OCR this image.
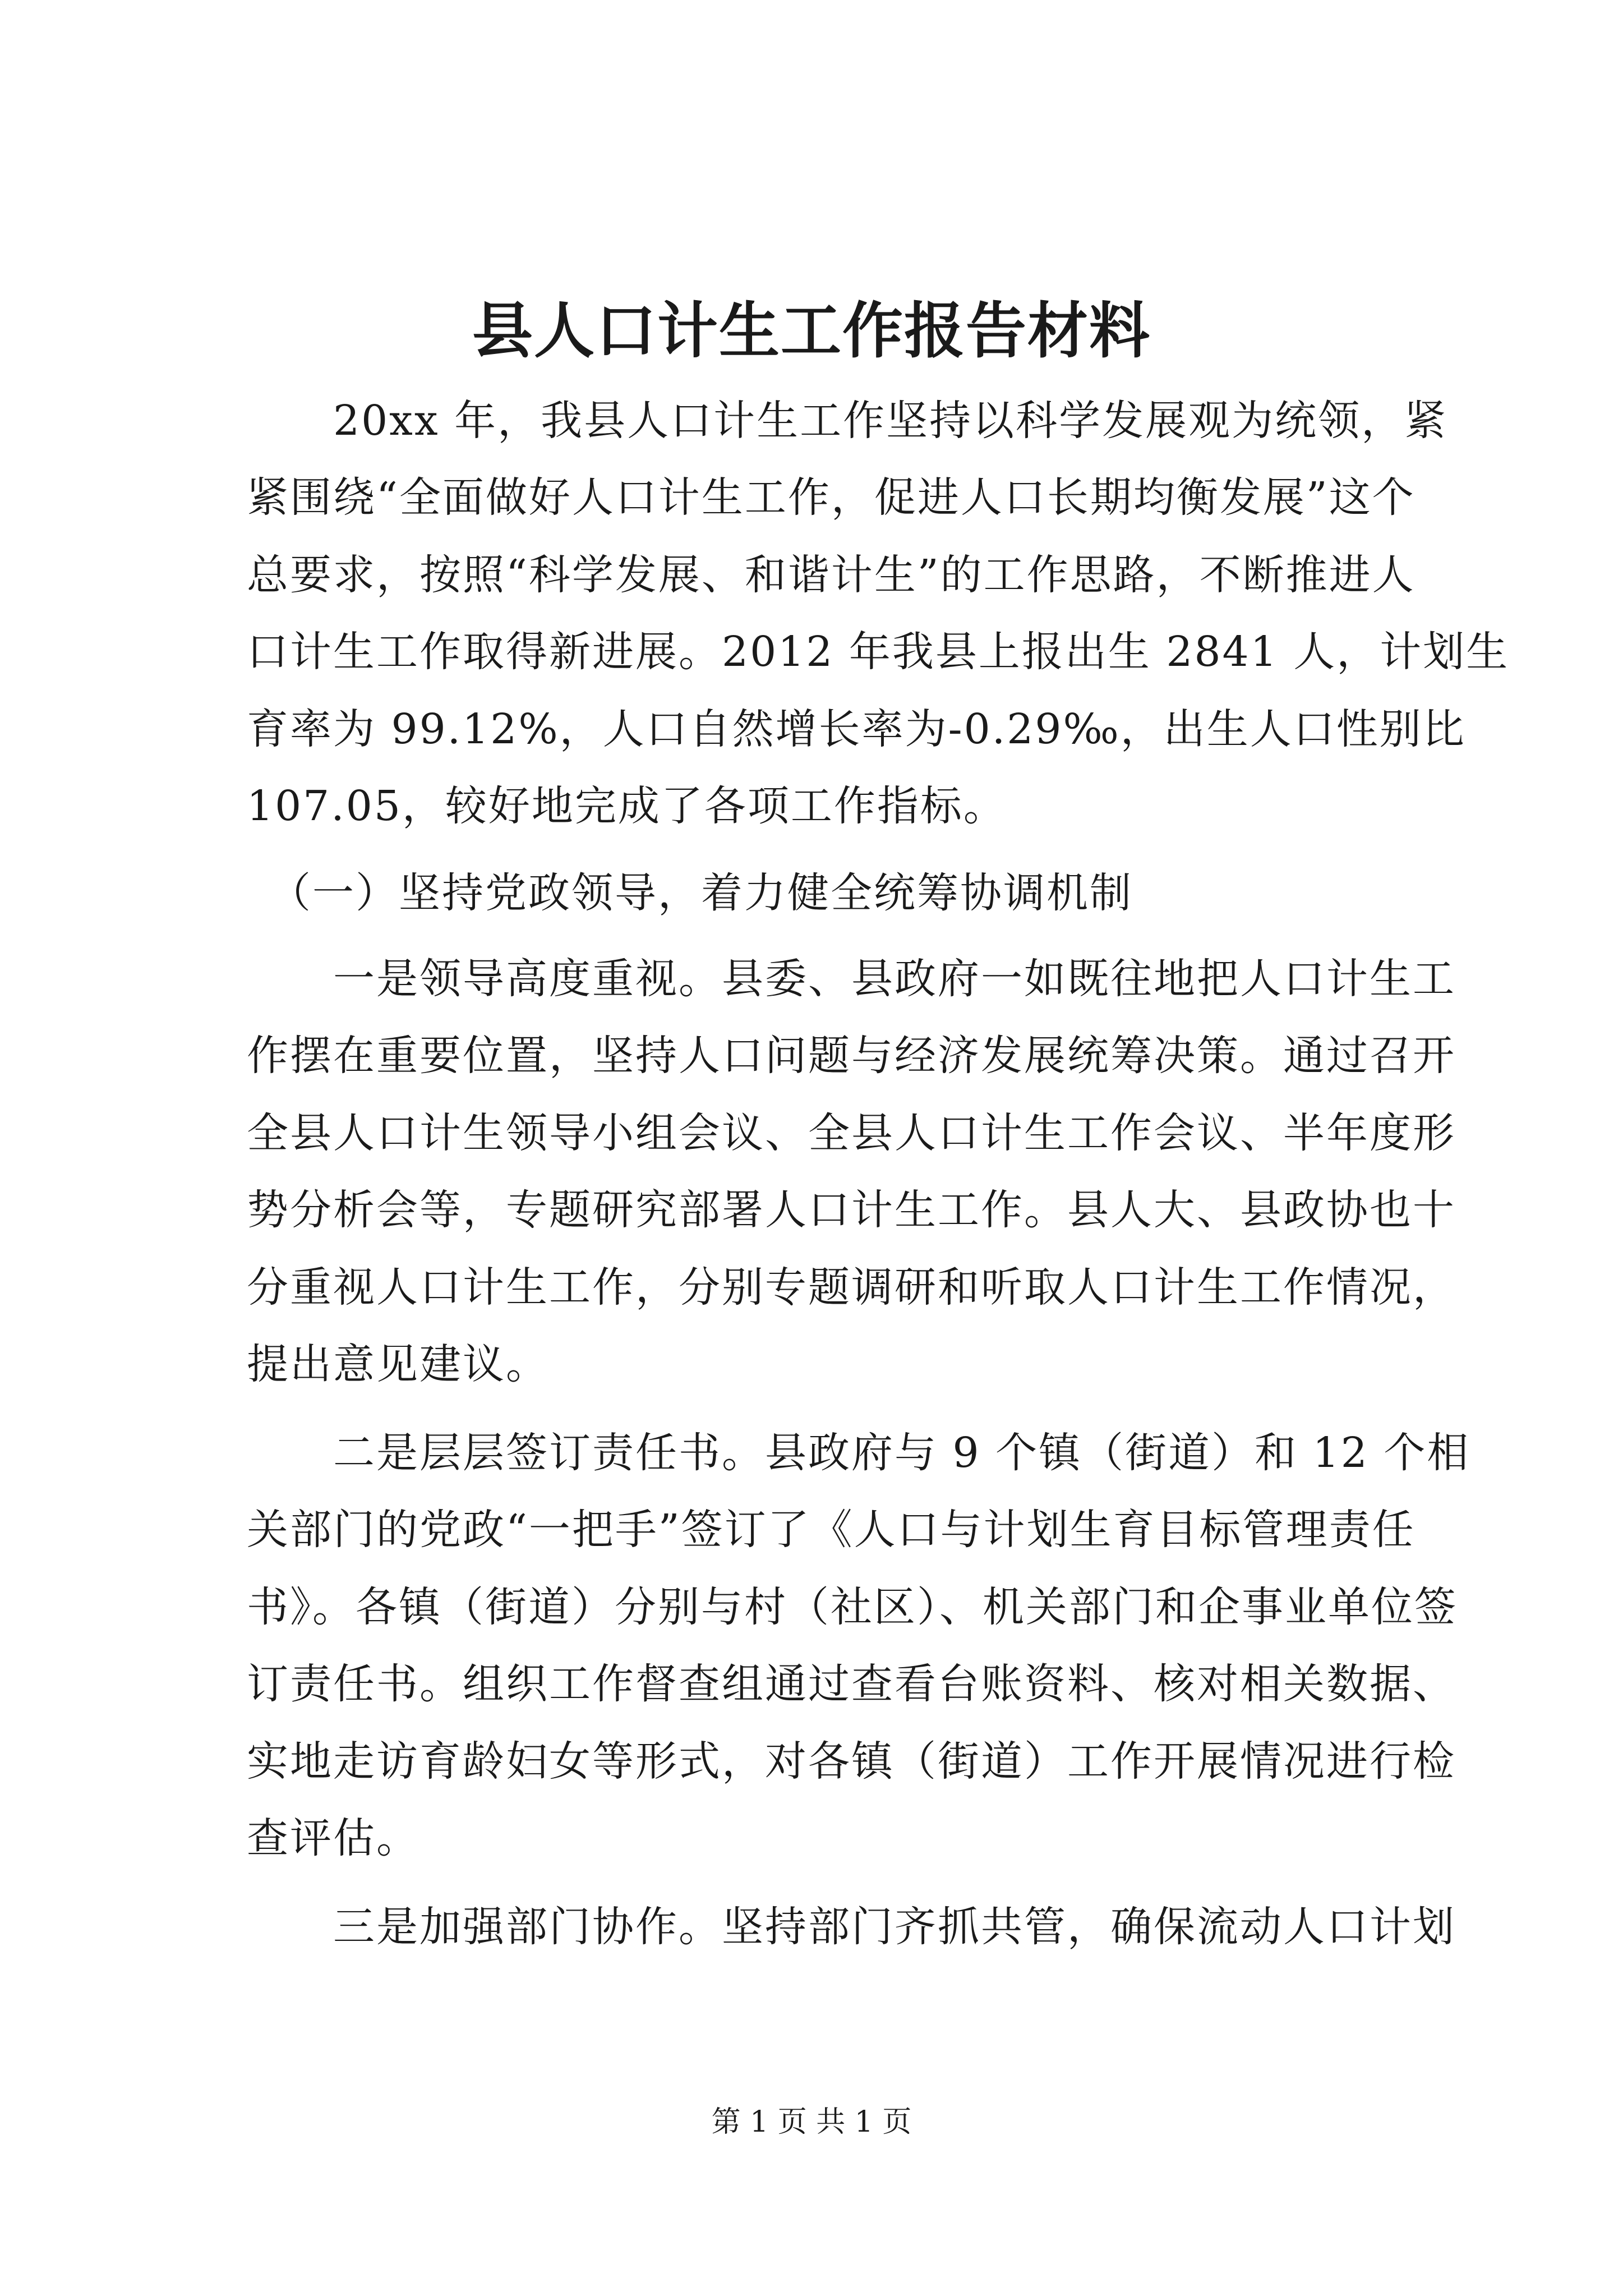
县人口计生工作报告材料
　　20xx 年，我县人口计生工作坚持以科学发展观为统领，紧
紧围绕“全面做好人口计生工作，促进人口长期均衡发展”这个
总要求，按照“科学发展、和谐计生”的工作思路，不断推进人
口计生工作取得新进展。2012 年我县上报出生 2841 人，计划生
育率为 99.12%，人口自然增长率为-0.29‰，出生人口性别比
107.05，较好地完成了各项工作指标。
　（一）坚持党政领导，着力健全统筹协调机制
　　一是领导高度重视。县委、县政府一如既往地把人口计生工
作摆在重要位置，坚持人口问题与经济发展统筹决策。通过召开
全县人口计生领导小组会议、全县人口计生工作会议、半年度形
势分析会等，专题研究部署人口计生工作。县人大、县政协也十
分重视人口计生工作，分别专题调研和听取人口计生工作情况，
提出意见建议。
　　二是层层签订责任书。县政府与 9 个镇（街道）和 12 个相
关部门的党政“一把手”签订了《人口与计划生育目标管理责任
书》。各镇（街道）分别与村（社区）、机关部门和企事业单位签
订责任书。组织工作督查组通过查看台账资料、核对相关数据、
实地走访育龄妇女等形式，对各镇（街道）工作开展情况进行检
查评估。
　　三是加强部门协作。坚持部门齐抓共管，确保流动人口计划
第 1 页 共 1 页
